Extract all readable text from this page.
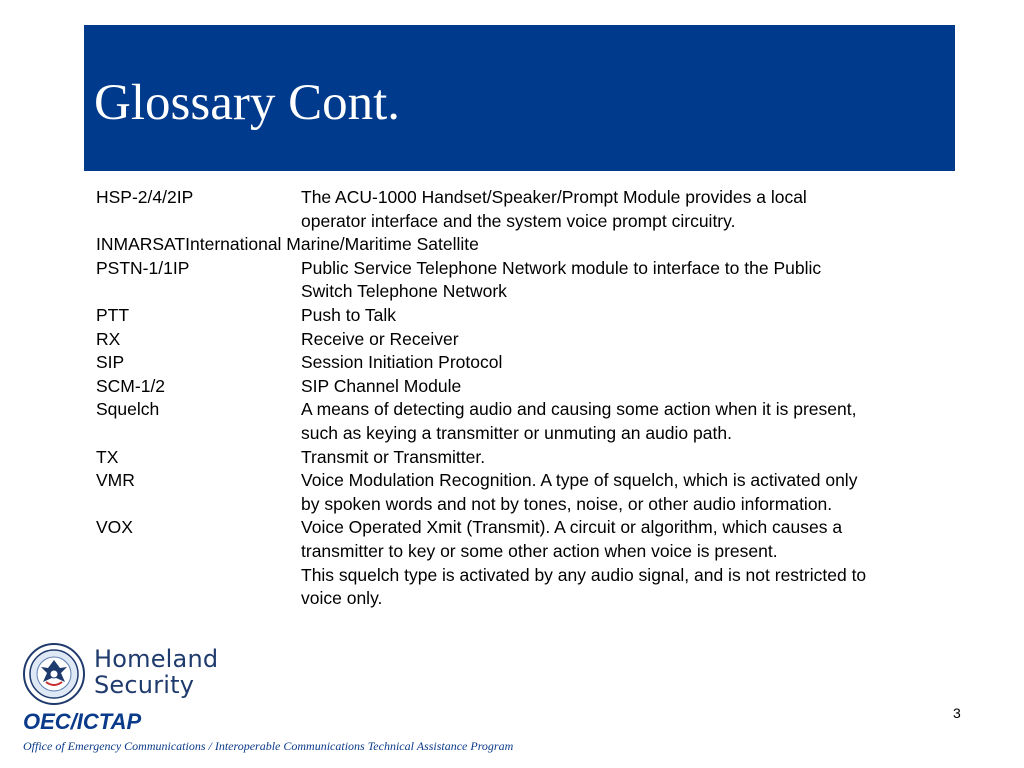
Glossary Cont.
HSP-2/4/2IP	The ACU-1000 Handset/Speaker/Prompt Module provides a local
operator interface and the system voice prompt circuitry.
INMARSAT International Marine/Maritime Satellite
PSTN-1/1IP	Public Service Telephone Network module to interface to the Public
Switch Telephone Network
PTT	Push to Talk
RX	Receive or Receiver
SIP	Session Initiation Protocol
SCM-1/2	SIP Channel Module
Squelch	A means of detecting audio and causing some action when it is present,
such as keying a transmitter or unmuting an audio path.
TX	Transmit or Transmitter.
VMR	Voice Modulation Recognition. A type of squelch, which is activated only
by spoken words and not by tones, noise, or other audio information.
VOX	Voice Operated Xmit (Transmit). A circuit or algorithm, which causes a
transmitter to key or some other action when voice is present.
This squelch type is activated by any audio signal, and is not restricted to
voice only.
Homeland
Security
OEC/ICTAP
Office of Emergency Communications / Interoperable Communications Technical Assistance Program
3
